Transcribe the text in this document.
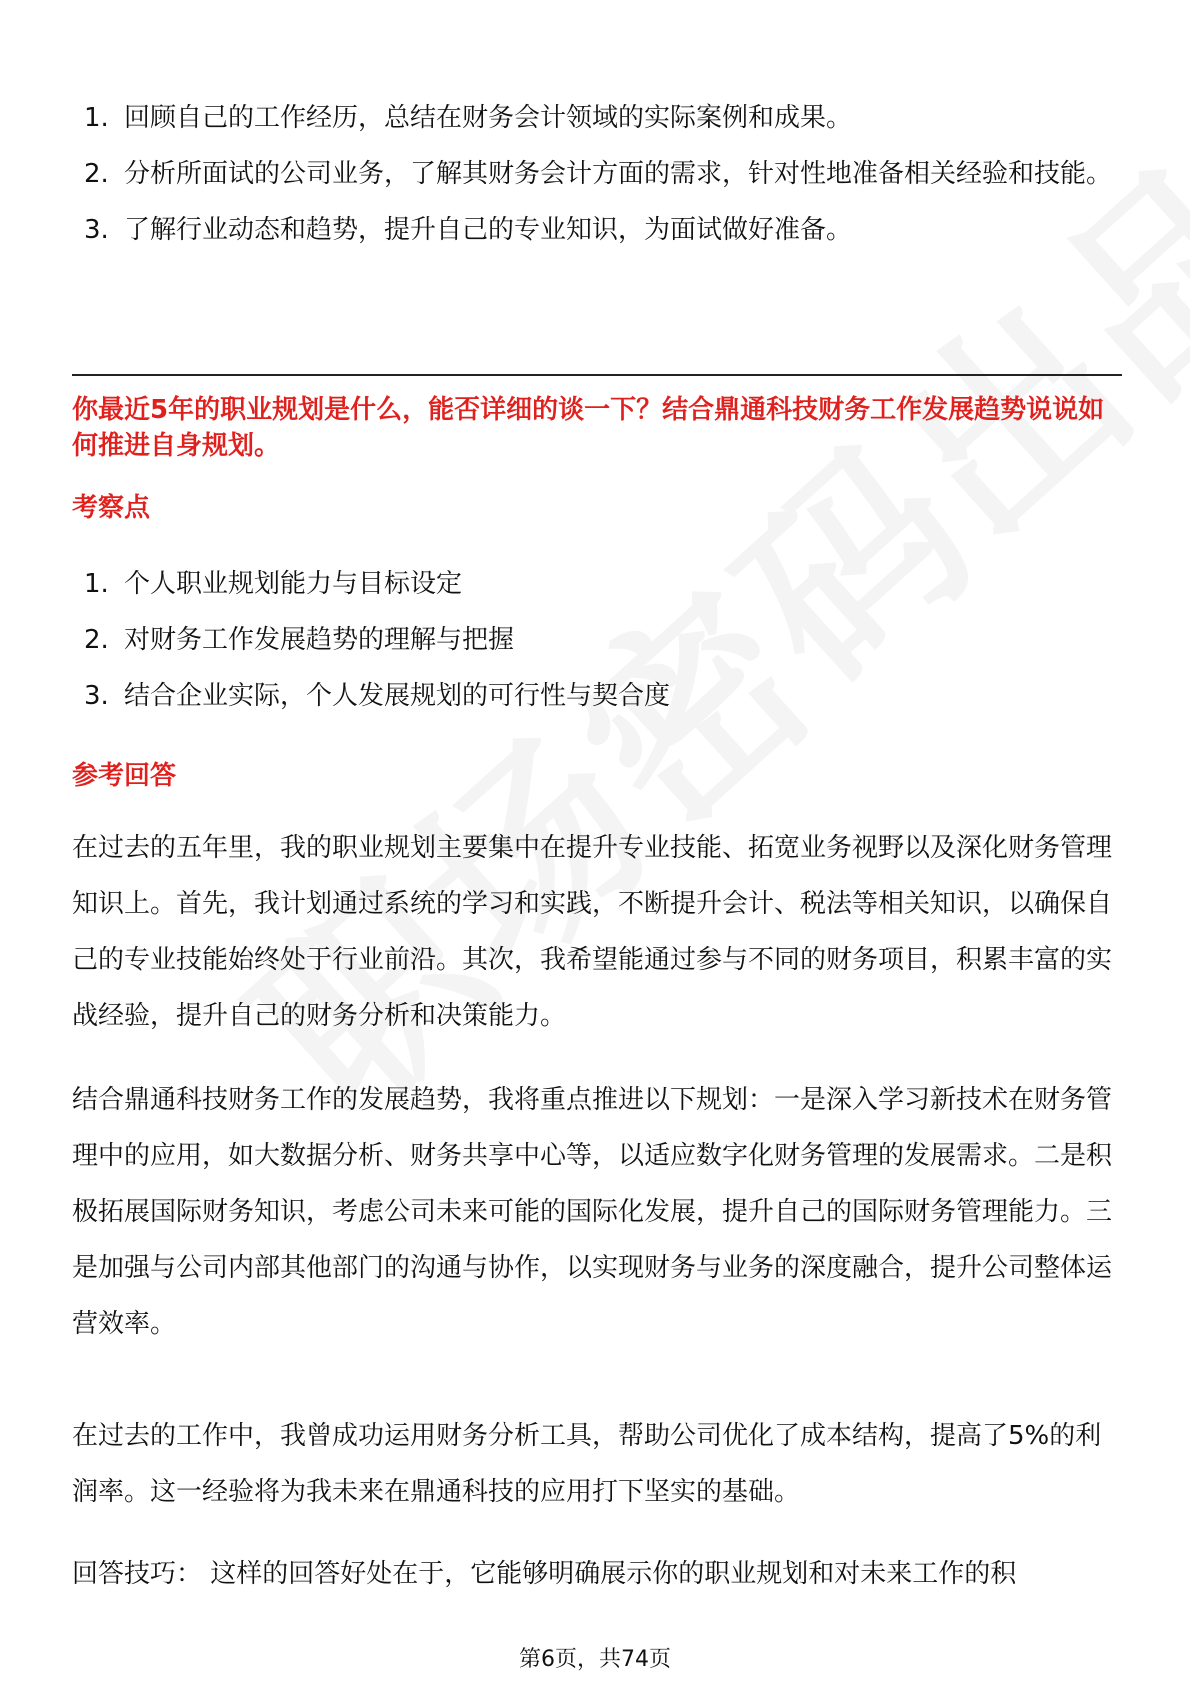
1. 回顾自己的工作经历，总结在财务会计领域的实际案例和成果。
2. 分析所面试的公司业务，了解其财务会计方面的需求，针对性地准备相关经验和技能。
3. 了解行业动态和趋势，提升自己的专业知识，为面试做好准备。
你最近5年的职业规划是什么，能否详细的谈一下？结合鼎通科技财务工作发展趋势说说如何推进自身规划。
考察点
1. 个人职业规划能力与目标设定
2. 对财务工作发展趋势的理解与把握
3. 结合企业实际，个人发展规划的可行性与契合度
参考回答

在过去的五年里，我的职业规划主要集中在提升专业技能、拓宽业务视野以及深化财务管理知识上。首先，我计划通过系统的学习和实践，不断提升会计、税法等相关知识，以确保自己的专业技能始终处于行业前沿。其次，我希望能通过参与不同的财务项目，积累丰富的实战经验，提升自己的财务分析和决策能力。

结合鼎通科技财务工作的发展趋势，我将重点推进以下规划：一是深入学习新技术在财务管理中的应用，如大数据分析、财务共享中心等，以适应数字化财务管理的发展需求。二是积极拓展国际财务知识，考虑公司未来可能的国际化发展，提升自己的国际财务管理能力。三是加强与公司内部其他部门的沟通与协作，以实现财务与业务的深度融合，提升公司整体运营效率。

在过去的工作中，我曾成功运用财务分析工具，帮助公司优化了成本结构，提高了5%的利润率。这一经验将为我未来在鼎通科技的应用打下坚实的基础。

回答技巧： 这样的回答好处在于，它能够明确展示你的职业规划和对未来工作的积

第6页，共74页
